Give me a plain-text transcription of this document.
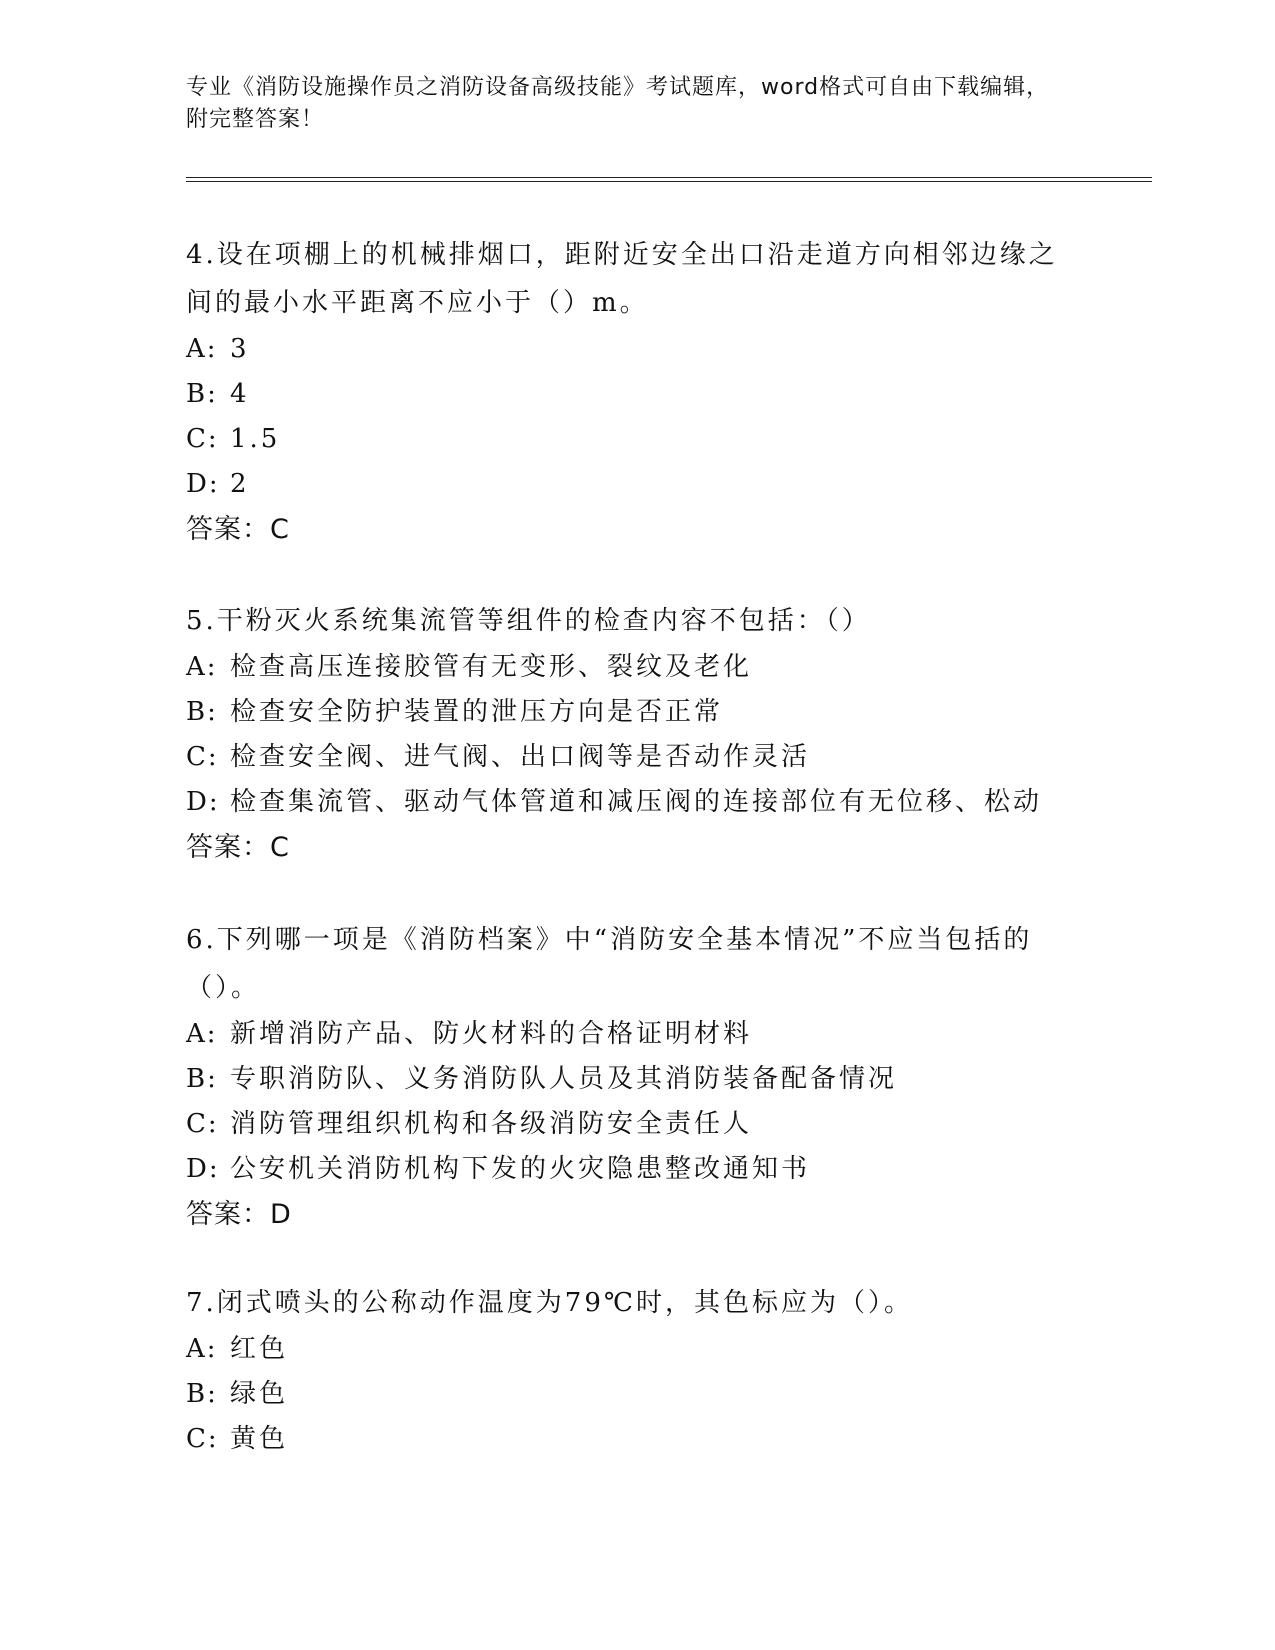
专业《消防设施操作员之消防设备高级技能》考试题库，word格式可自由下载编辑，附完整答案！

4.设在项棚上的机械排烟口，距附近安全出口沿走道方向相邻边缘之间的最小水平距离不应小于（）m。

A: 3

B: 4

C: 1.5

D: 2

答案：C

5.干粉灭火系统集流管等组件的检查内容不包括：（）

A: 检查高压连接胶管有无变形、裂纹及老化

B: 检查安全防护装置的泄压方向是否正常

C: 检查安全阀、进气阀、出口阀等是否动作灵活

D: 检查集流管、驱动气体管道和减压阀的连接部位有无位移、松动

答案：C

6.下列哪一项是《消防档案》中“消防安全基本情况”不应当包括的（）。

A: 新增消防产品、防火材料的合格证明材料

B: 专职消防队、义务消防队人员及其消防装备配备情况

C: 消防管理组织机构和各级消防安全责任人

D: 公安机关消防机构下发的火灾隐患整改通知书

答案：D

7.闭式喷头的公称动作温度为79℃时，其色标应为（）。

A: 红色

B: 绿色

C: 黄色
